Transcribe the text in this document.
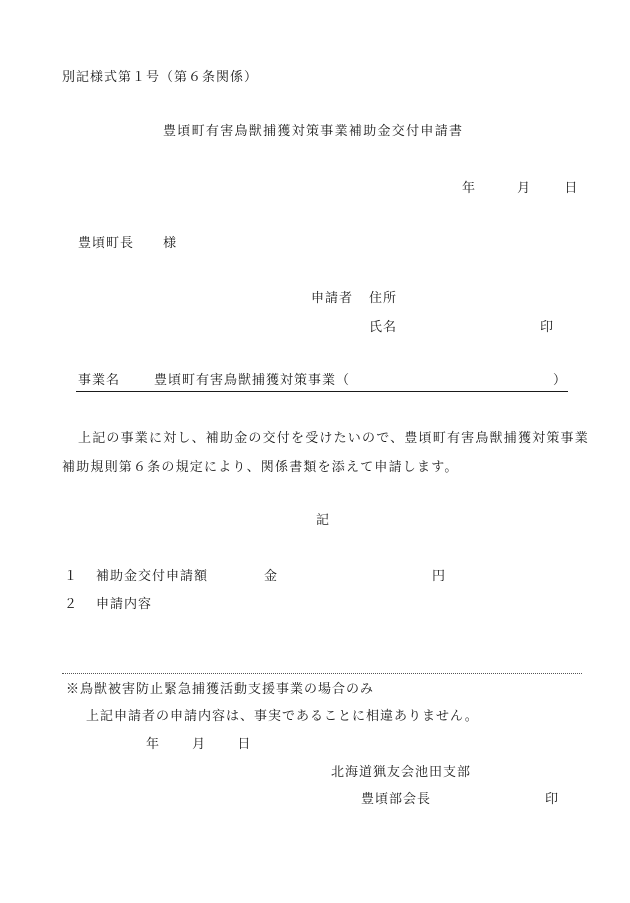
別記様式第１号（第６条関係）
豊頃町有害鳥獣捕獲対策事業補助金交付申請書
年	月	日
豊頃町長 様
申請者 住所
氏名	印
事業名	豊頃町有害鳥獣捕獲対策事業（	）
上記の事業に対し、補助金の交付を受けたいので、豊頃町有害鳥獣捕獲対策事業補助規則第６条の規定により、関係書類を添えて申請します。
記
１ 補助金交付申請額	金	円
２ 申請内容
※鳥獣被害防止緊急捕獲活動支援事業の場合のみ
上記申請者の申請内容は、事実であることに相違ありません。
年 月 日
北海道猟友会池田支部
豊頃部会長	印
